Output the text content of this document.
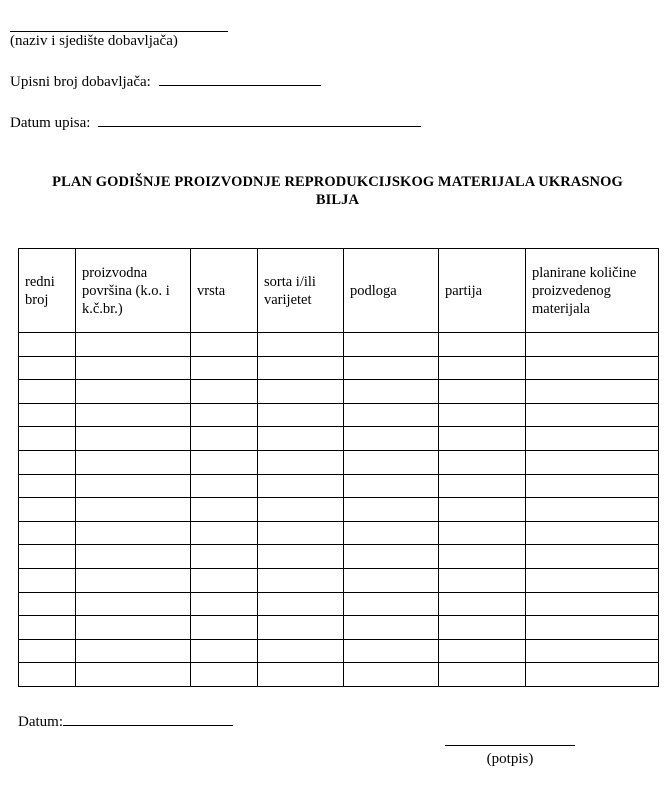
(naziv i sjedište dobavljača)
Upisni broj dobavljača:
Datum upisa:
PLAN GODIŠNJE PROIZVODNJE REPRODUKCIJSKOG MATERIJALA UKRASNOG
BILJA
redni broj	proizvodna površina (k.o. i k.č.br.)	vrsta	sorta i/ili varijetet	podloga	partija	planirane količine proizvedenog materijala

Datum:
(potpis)
